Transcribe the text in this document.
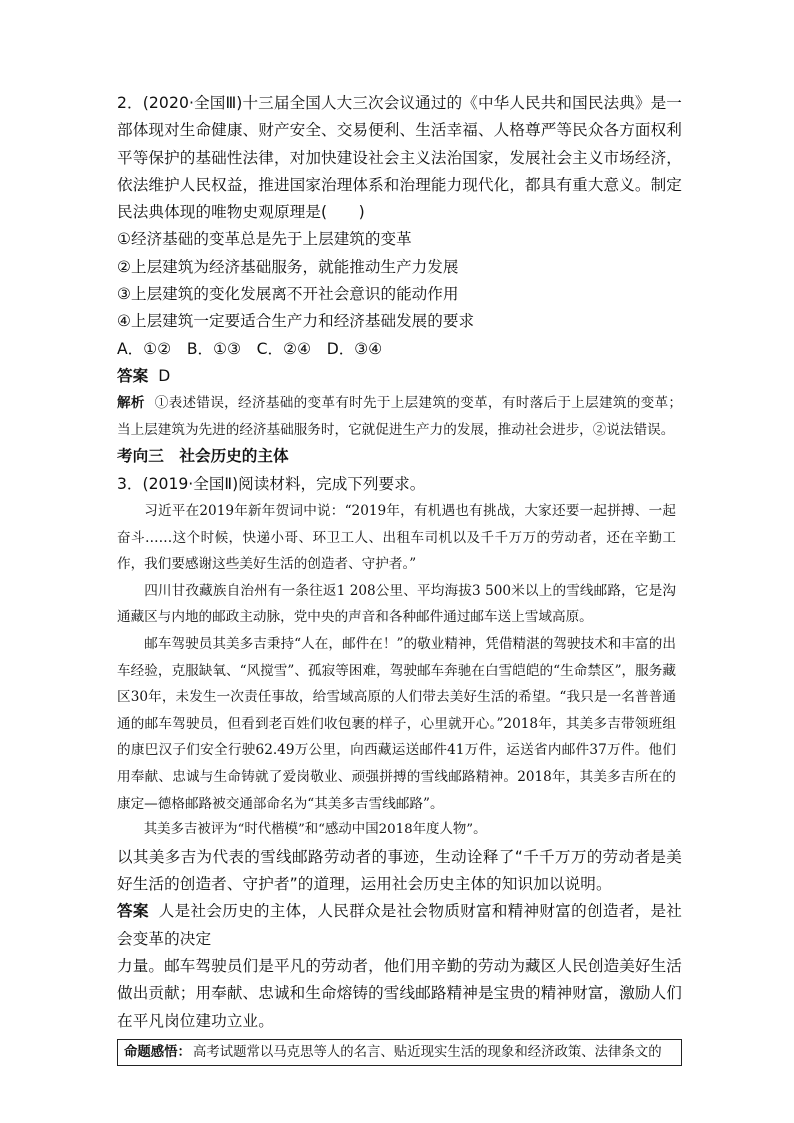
2．(2020·全国Ⅲ)十三届全国人大三次会议通过的《中华人民共和国民法典》是一部体现对生命健康、财产安全、交易便利、生活幸福、人格尊严等民众各方面权利平等保护的基础性法律，对加快建设社会主义法治国家，发展社会主义市场经济，依法维护人民权益，推进国家治理体系和治理能力现代化，都具有重大意义。制定民法典体现的唯物史观原理是(　　)
①经济基础的变革总是先于上层建筑的变革
②上层建筑为经济基础服务，就能推动生产力发展
③上层建筑的变化发展离不开社会意识的能动作用
④上层建筑一定要适合生产力和经济基础发展的要求
A．①②　B．①③　C．②④　D．③④
答案 D
解析 ①表述错误，经济基础的变革有时先于上层建筑的变革，有时落后于上层建筑的变革；当上层建筑为先进的经济基础服务时，它就促进生产力的发展，推动社会进步，②说法错误。
考向三　社会历史的主体
3．(2019·全国Ⅱ)阅读材料，完成下列要求。
习近平在2019年新年贺词中说：“2019年，有机遇也有挑战，大家还要一起拼搏、一起奋斗……这个时候，快递小哥、环卫工人、出租车司机以及千千万万的劳动者，还在辛勤工作，我们要感谢这些美好生活的创造者、守护者。”
四川甘孜藏族自治州有一条往返1 208公里、平均海拔3 500米以上的雪线邮路，它是沟通藏区与内地的邮政主动脉，党中央的声音和各种邮件通过邮车送上雪域高原。
邮车驾驶员其美多吉秉持“人在，邮件在！”的敬业精神，凭借精湛的驾驶技术和丰富的出车经验，克服缺氧、“风搅雪”、孤寂等困难，驾驶邮车奔驰在白雪皑皑的“生命禁区”，服务藏区30年，未发生一次责任事故，给雪域高原的人们带去美好生活的希望。“我只是一名普普通通的邮车驾驶员，但看到老百姓们收包裹的样子，心里就开心。”2018年，其美多吉带领班组的康巴汉子们安全行驶62.49万公里，向西藏运送邮件41万件，运送省内邮件37万件。他们用奉献、忠诚与生命铸就了爱岗敬业、顽强拼搏的雪线邮路精神。2018年，其美多吉所在的康定—德格邮路被交通部命名为“其美多吉雪线邮路”。
其美多吉被评为“时代楷模”和“感动中国2018年度人物”。
以其美多吉为代表的雪线邮路劳动者的事迹，生动诠释了“千千万万的劳动者是美好生活的创造者、守护者”的道理，运用社会历史主体的知识加以说明。
答案 人是社会历史的主体，人民群众是社会物质财富和精神财富的创造者，是社会变革的决定
力量。邮车驾驶员们是平凡的劳动者，他们用辛勤的劳动为藏区人民创造美好生活做出贡献；用奉献、忠诚和生命熔铸的雪线邮路精神是宝贵的精神财富，激励人们在平凡岗位建功立业。
命题感悟： 高考试题常以马克思等人的名言、贴近现实生活的现象和经济政策、法律条文的
